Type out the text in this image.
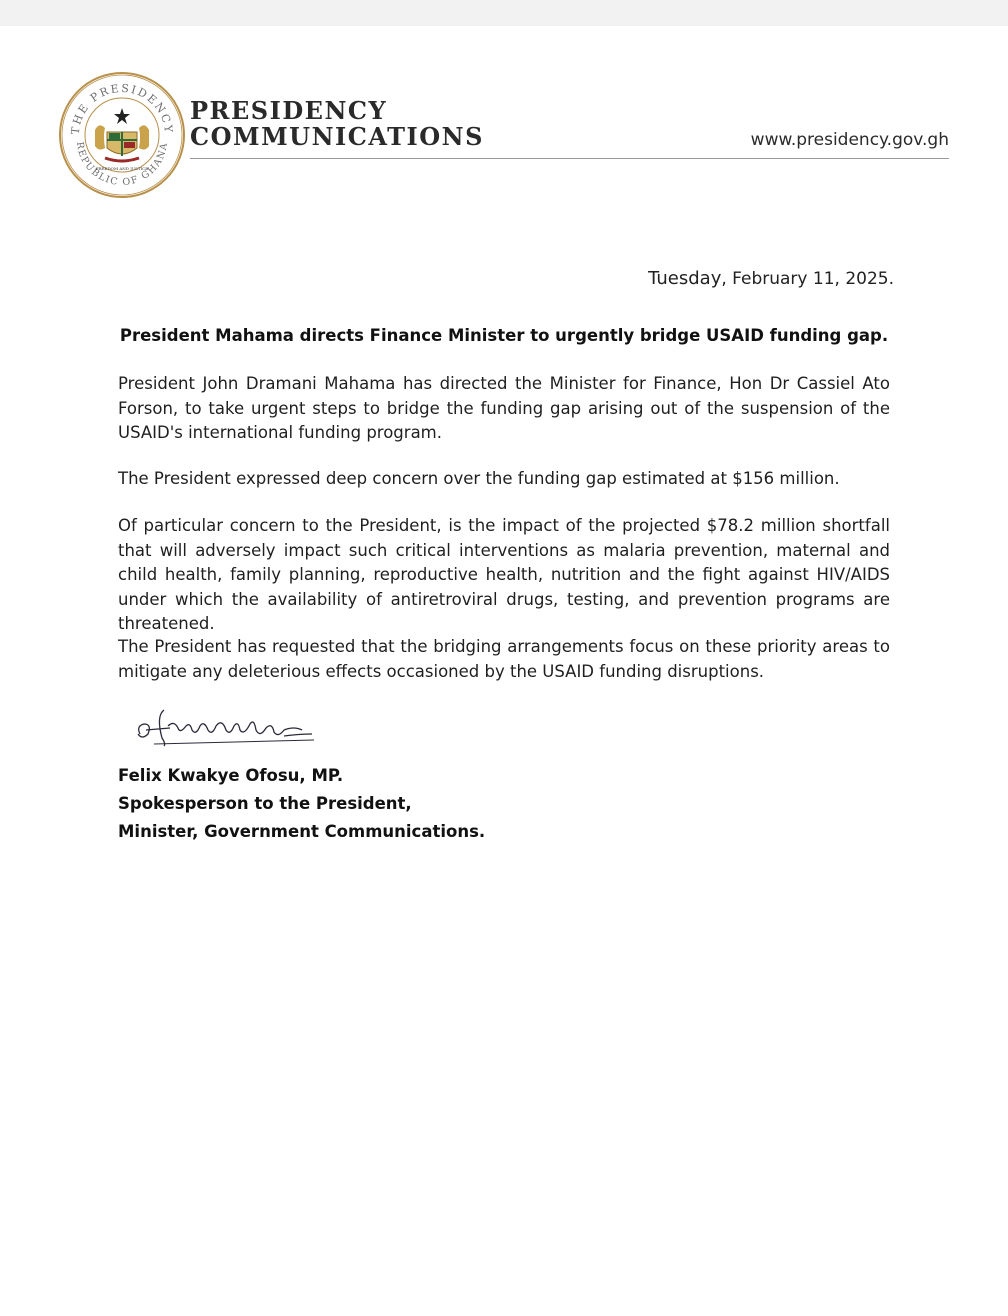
THE PRESIDENCY
REPUBLIC OF GHANA
FREEDOM AND JUSTICE
PRESIDENCY
COMMUNICATIONS	www.presidency.gov.gh
Tuesday, February 11, 2025.
President Mahama directs Finance Minister to urgently bridge USAID funding gap.
President John Dramani Mahama has directed the Minister for Finance, Hon Dr Cassiel Ato Forson, to take urgent steps to bridge the funding gap arising out of the suspension of the USAID's international funding program.
The President expressed deep concern over the funding gap estimated at $156 million.
Of particular concern to the President, is the impact of the projected $78.2 million shortfall that will adversely impact such critical interventions as malaria prevention, maternal and child health, family planning, reproductive health, nutrition and the fight against HIV/AIDS under which the availability of antiretroviral drugs, testing, and prevention programs are threatened.
The President has requested that the bridging arrangements focus on these priority areas to mitigate any deleterious effects occasioned by the USAID funding disruptions.
Felix Kwakye Ofosu, MP.
Spokesperson to the President,
Minister, Government Communications.
